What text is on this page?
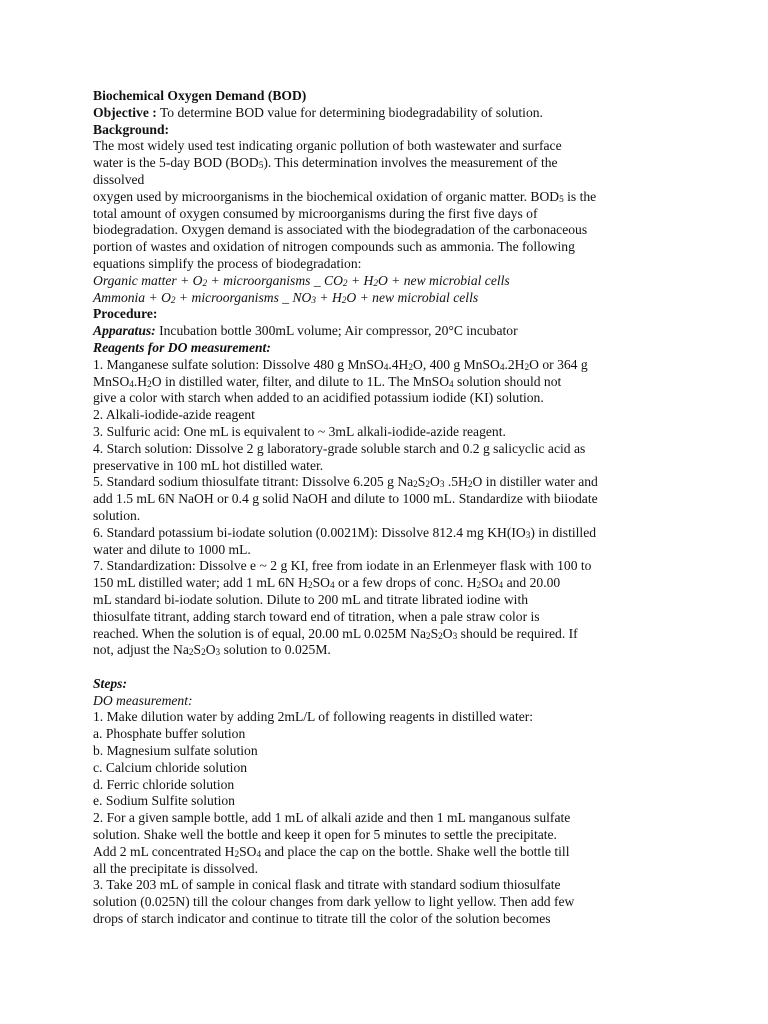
Biochemical Oxygen Demand (BOD)
Objective : To determine BOD value for determining biodegradability of solution.
Background:
The most widely used test indicating organic pollution of both wastewater and surface
water is the 5-day BOD $(BOD_5)$. This determination involves the measurement of the
dissolved
oxygen used by microorganisms in the biochemical oxidation of organic matter. $BOD_5$ is the
total amount of oxygen consumed by microorganisms during the first five days of
biodegradation. Oxygen demand is associated with the biodegradation of the carbonaceous
portion of wastes and oxidation of nitrogen compounds such as ammonia. The following
equations simplify the process of biodegradation:
Organic matter + $O_2$ + microorganisms _ $CO_2 + H_2O$ + new microbial cells
Ammonia + $O_2$ + microorganisms _ $NO_3 + H_2O$ + new microbial cells
Procedure:
Apparatus: Incubation bottle 300mL volume; Air compressor, 20°C incubator
Reagents for DO measurement:
1. Manganese sulfate solution: Dissolve 480 g $MnSO_4.4H_2O$, 400 g $MnSO_4.2H_2O$ or 364 g
$MnSO_4.H_2O$ in distilled water, filter, and dilute to 1L. The MnSO$_4$ solution should not
give a color with starch when added to an acidified potassium iodide (KI) solution.
2. Alkali-iodide-azide reagent
3. Sulfuric acid: One mL is equivalent to ~ 3mL alkali-iodide-azide reagent.
4. Starch solution: Dissolve 2 g laboratory-grade soluble starch and 0.2 g salicyclic acid as
preservative in 100 mL hot distilled water.
5. Standard sodium thiosulfate titrant: Dissolve 6.205 g $Na_2S_2O_3$ $.5H_2O$ in distiller water and
add 1.5 mL 6N NaOH or 0.4 g solid NaOH and dilute to 1000 mL. Standardize with biiodate
solution.
6. Standard potassium bi-iodate solution (0.0021M): Dissolve 812.4 mg $KH(IO_3)$ in distilled
water and dilute to 1000 mL.
7. Standardization: Dissolve e ~ 2 g KI, free from iodate in an Erlenmeyer flask with 100 to
150 mL distilled water; add 1 mL 6N $H_2SO_4$ or a few drops of conc. $H_2SO_4$ and 20.00
mL standard bi-iodate solution. Dilute to 200 mL and titrate librated iodine with
thiosulfate titrant, adding starch toward end of titration, when a pale straw color is
reached. When the solution is of equal, 20.00 mL 0.025M $Na_2S_2O_3$ should be required. If
not, adjust the $Na_2S_2O_3$ solution to 0.025M.
Steps:
DO measurement:
1. Make dilution water by adding 2mL/L of following reagents in distilled water:
a. Phosphate buffer solution
b. Magnesium sulfate solution
c. Calcium chloride solution
d. Ferric chloride solution
e. Sodium Sulfite solution
2. For a given sample bottle, add 1 mL of alkali azide and then 1 mL manganous sulfate
solution. Shake well the bottle and keep it open for 5 minutes to settle the precipitate.
Add 2 mL concentrated $H_2SO_4$ and place the cap on the bottle. Shake well the bottle till
all the precipitate is dissolved.
3. Take 203 mL of sample in conical flask and titrate with standard sodium thiosulfate
solution (0.025N) till the colour changes from dark yellow to light yellow. Then add few
drops of starch indicator and continue to titrate till the color of the solution becomes
